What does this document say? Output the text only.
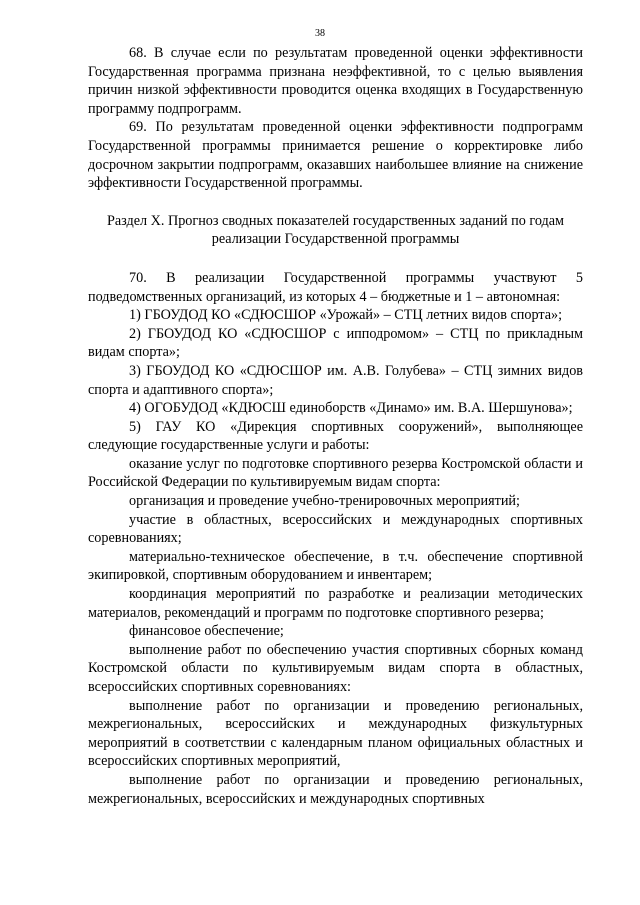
38

68. В случае если по результатам проведенной оценки эффективности Государственная программа признана неэффективной, то с целью выявления причин низкой эффективности проводится оценка входящих в Государственную программу подпрограмм.

69. По результатам проведенной оценки эффективности подпрограмм Государственной программы принимается решение о корректировке либо досрочном закрытии подпрограмм, оказавших наибольшее влияние на снижение эффективности Государственной программы.

Раздел X. Прогноз сводных показателей государственных заданий по годам реализации Государственной программы

70. В реализации Государственной программы участвуют 5 подведомственных организаций, из которых 4 – бюджетные и 1 – автономная:

1) ГБОУДОД КО «СДЮСШОР «Урожай» – СТЦ летних видов спорта»;

2) ГБОУДОД КО «СДЮСШОР с ипподромом» – СТЦ по прикладным видам спорта»;

3) ГБОУДОД КО «СДЮСШОР им. А.В. Голубева» – СТЦ зимних видов спорта и адаптивного спорта»;

4) ОГОБУДОД «КДЮСШ единоборств «Динамо» им. В.А. Шершунова»;

5) ГАУ КО «Дирекция спортивных сооружений», выполняющее следующие государственные услуги и работы:

оказание услуг по подготовке спортивного резерва Костромской области и Российской Федерации по культивируемым видам спорта:

организация и проведение учебно-тренировочных мероприятий;

участие в областных, всероссийских и международных спортивных соревнованиях;

материально-техническое обеспечение, в т.ч. обеспечение спортивной экипировкой, спортивным оборудованием и инвентарем;

координация мероприятий по разработке и реализации методических материалов, рекомендаций и программ по подготовке спортивного резерва;

финансовое обеспечение;

выполнение работ по обеспечению участия спортивных сборных команд Костромской области по культивируемым видам спорта в областных, всероссийских спортивных соревнованиях:

выполнение работ по организации и проведению региональных, межрегиональных, всероссийских и международных физкультурных мероприятий в соответствии с календарным планом официальных областных и всероссийских спортивных мероприятий,

выполнение работ по организации и проведению региональных, межрегиональных, всероссийских и международных спортивных
